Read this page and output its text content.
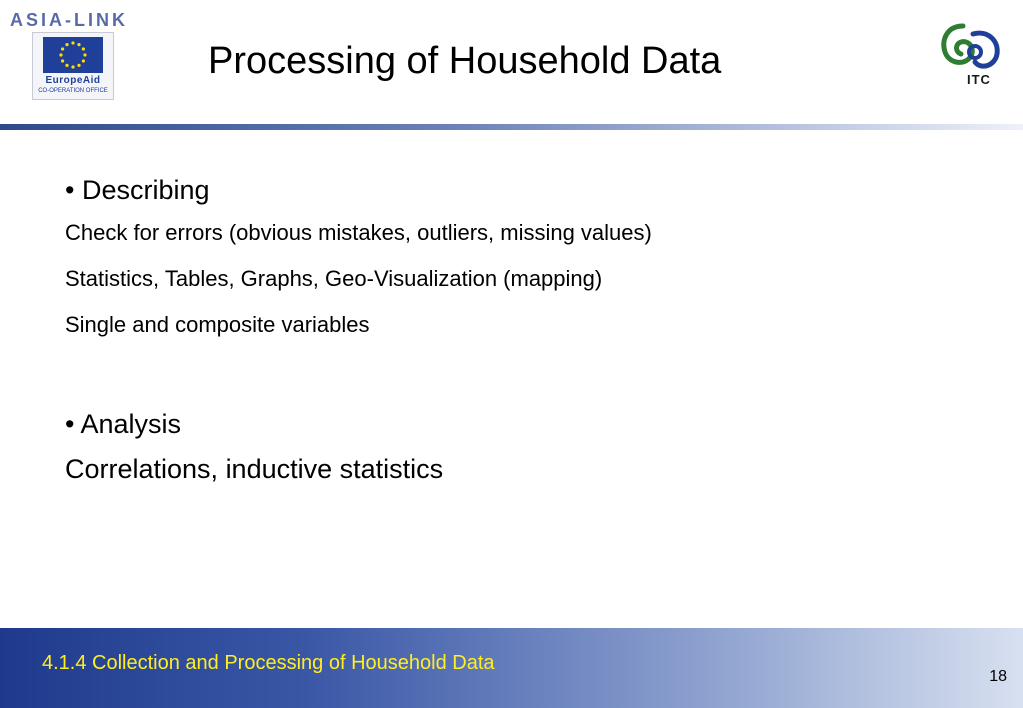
ASIA-LINK
EuropeAid
CO-OPERATION OFFICE
Processing of Household Data	ITC
• Describing
Check for errors (obvious mistakes, outliers, missing values)
Statistics, Tables, Graphs, Geo-Visualization (mapping)
Single and composite variables
• Analysis
Correlations, inductive statistics
4.1.4 Collection and Processing of Household Data
18
